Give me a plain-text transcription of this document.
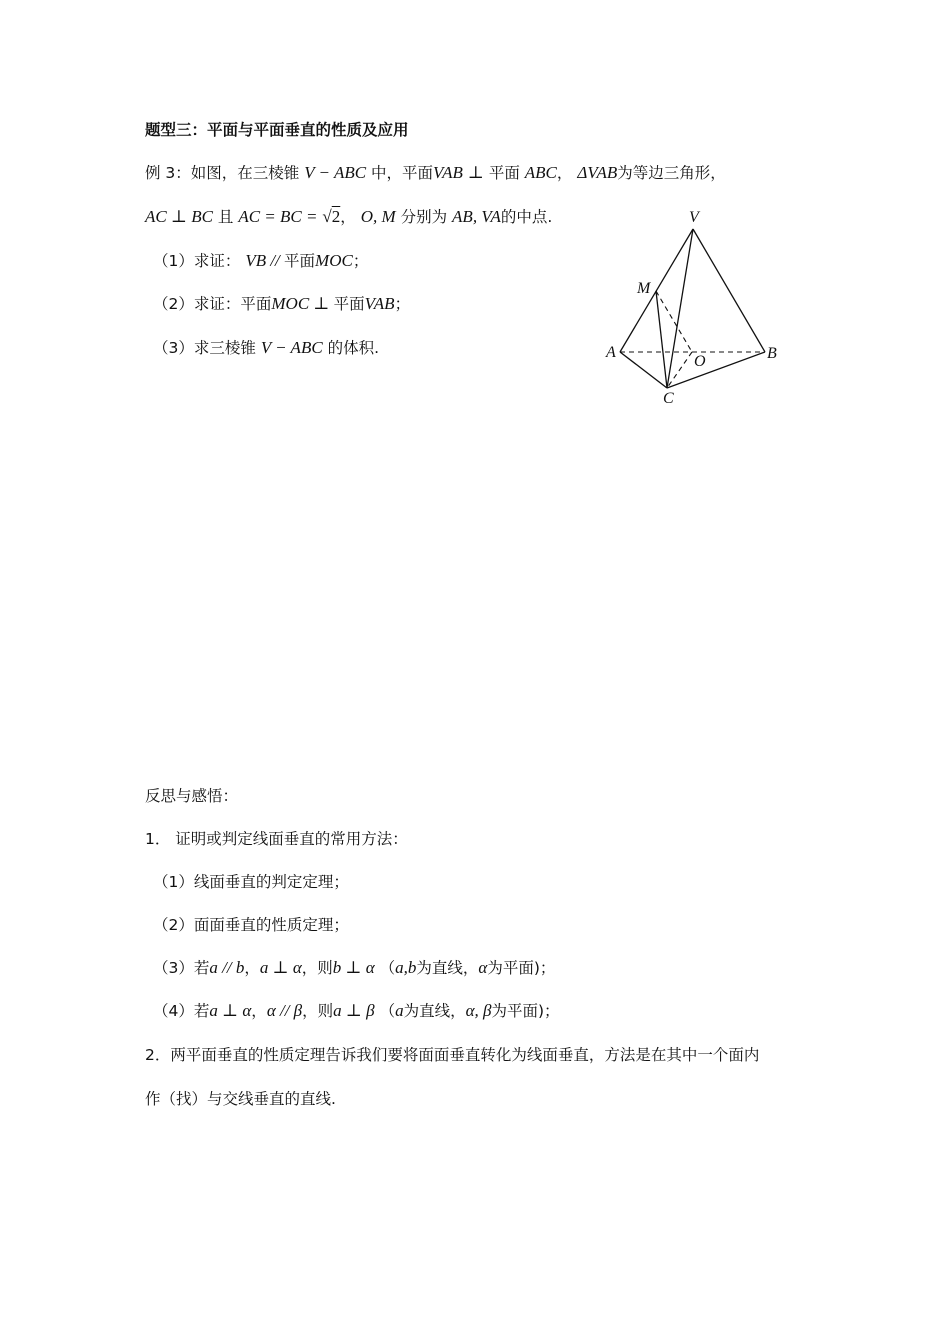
题型三：平面与平面垂直的性质及应用
例 3：如图，在三棱锥 V − ABC 中，平面VAB ⊥ 平面 ABC， ΔVAB为等边三角形，
AC ⊥ BC 且 AC = BC = √2， O, M 分别为 AB, VA的中点.
（1）求证： VB // 平面MOC；
（2）求证：平面MOC ⊥ 平面VAB；
（3）求三棱锥 V − ABC 的体积.
V
M
A
O	B
C
反思与感悟：
1． 证明或判定线面垂直的常用方法：
（1）线面垂直的判定定理；
（2）面面垂直的性质定理；
（3）若a // b，a ⊥ α，则b ⊥ α （a,b为直线，α为平面)；
（4）若a ⊥ α，α // β，则a ⊥ β （a为直线，α, β为平面)；
2．两平面垂直的性质定理告诉我们要将面面垂直转化为线面垂直，方法是在其中一个面内
作（找）与交线垂直的直线.
